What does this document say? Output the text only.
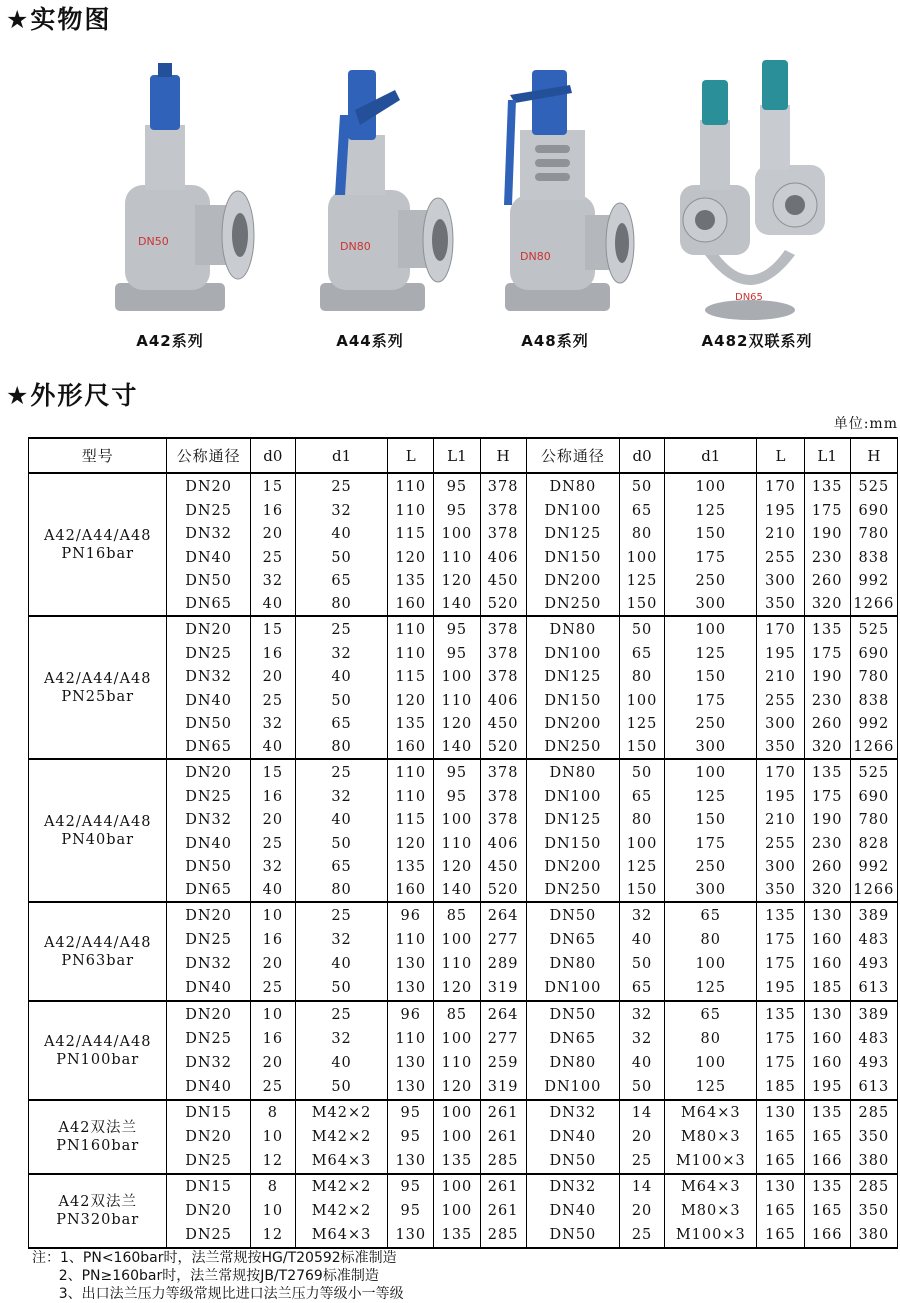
★实物图
DN50	DN80
DN80
DN65
A42系列	A44系列	A48系列	A482双联系列
★外形尺寸
单位:mm
型号	公称通径	d0	d1	L	L1	H	公称通径	d0	d1	L	L1	H
A42/A44/A48
PN16bar	DN20	15	25	110	95	378	DN80	50	100	170	135	525
	DN25	16	32	110	95	378	DN100	65	125	195	175	690
	DN32	20	40	115	100	378	DN125	80	150	210	190	780
	DN40	25	50	120	110	406	DN150	100	175	255	230	838
	DN50	32	65	135	120	450	DN200	125	250	300	260	992
	DN65	40	80	160	140	520	DN250	150	300	350	320	1266
A42/A44/A48
PN25bar	DN20	15	25	110	95	378	DN80	50	100	170	135	525
	DN25	16	32	110	95	378	DN100	65	125	195	175	690
	DN32	20	40	115	100	378	DN125	80	150	210	190	780
	DN40	25	50	120	110	406	DN150	100	175	255	230	838
	DN50	32	65	135	120	450	DN200	125	250	300	260	992
	DN65	40	80	160	140	520	DN250	150	300	350	320	1266
A42/A44/A48
PN40bar	DN20	15	25	110	95	378	DN80	50	100	170	135	525
	DN25	16	32	110	95	378	DN100	65	125	195	175	690
	DN32	20	40	115	100	378	DN125	80	150	210	190	780
	DN40	25	50	120	110	406	DN150	100	175	255	230	828
	DN50	32	65	135	120	450	DN200	125	250	300	260	992
	DN65	40	80	160	140	520	DN250	150	300	350	320	1266
A42/A44/A48
PN63bar	DN20	10	25	96	85	264	DN50	32	65	135	130	389
	DN25	16	32	110	100	277	DN65	40	80	175	160	483
	DN32	20	40	130	110	289	DN80	50	100	175	160	493
	DN40	25	50	130	120	319	DN100	65	125	195	185	613
A42/A44/A48
PN100bar	DN20	10	25	96	85	264	DN50	32	65	135	130	389
	DN25	16	32	110	100	277	DN65	32	80	175	160	483
	DN32	20	40	130	110	259	DN80	40	100	175	160	493
	DN40	25	50	130	120	319	DN100	50	125	185	195	613
A42双法兰
PN160bar	DN15	8	M42×2	95	100	261	DN32	14	M64×3	130	135	285
	DN20	10	M42×2	95	100	261	DN40	20	M80×3	165	165	350
	DN25	12	M64×3	130	135	285	DN50	25	M100×3	165	166	380
A42双法兰
PN320bar	DN15	8	M42×2	95	100	261	DN32	14	M64×3	130	135	285
	DN20	10	M42×2	95	100	261	DN40	20	M80×3	165	165	350
	DN25	12	M64×3	130	135	285	DN50	25	M100×3	165	166	380
注：1、PN<160bar时，法兰常规按HG/T20592标准制造
2、PN≥160bar时，法兰常规按JB/T2769标准制造
3、出口法兰压力等级常规比进口法兰压力等级小一等级
